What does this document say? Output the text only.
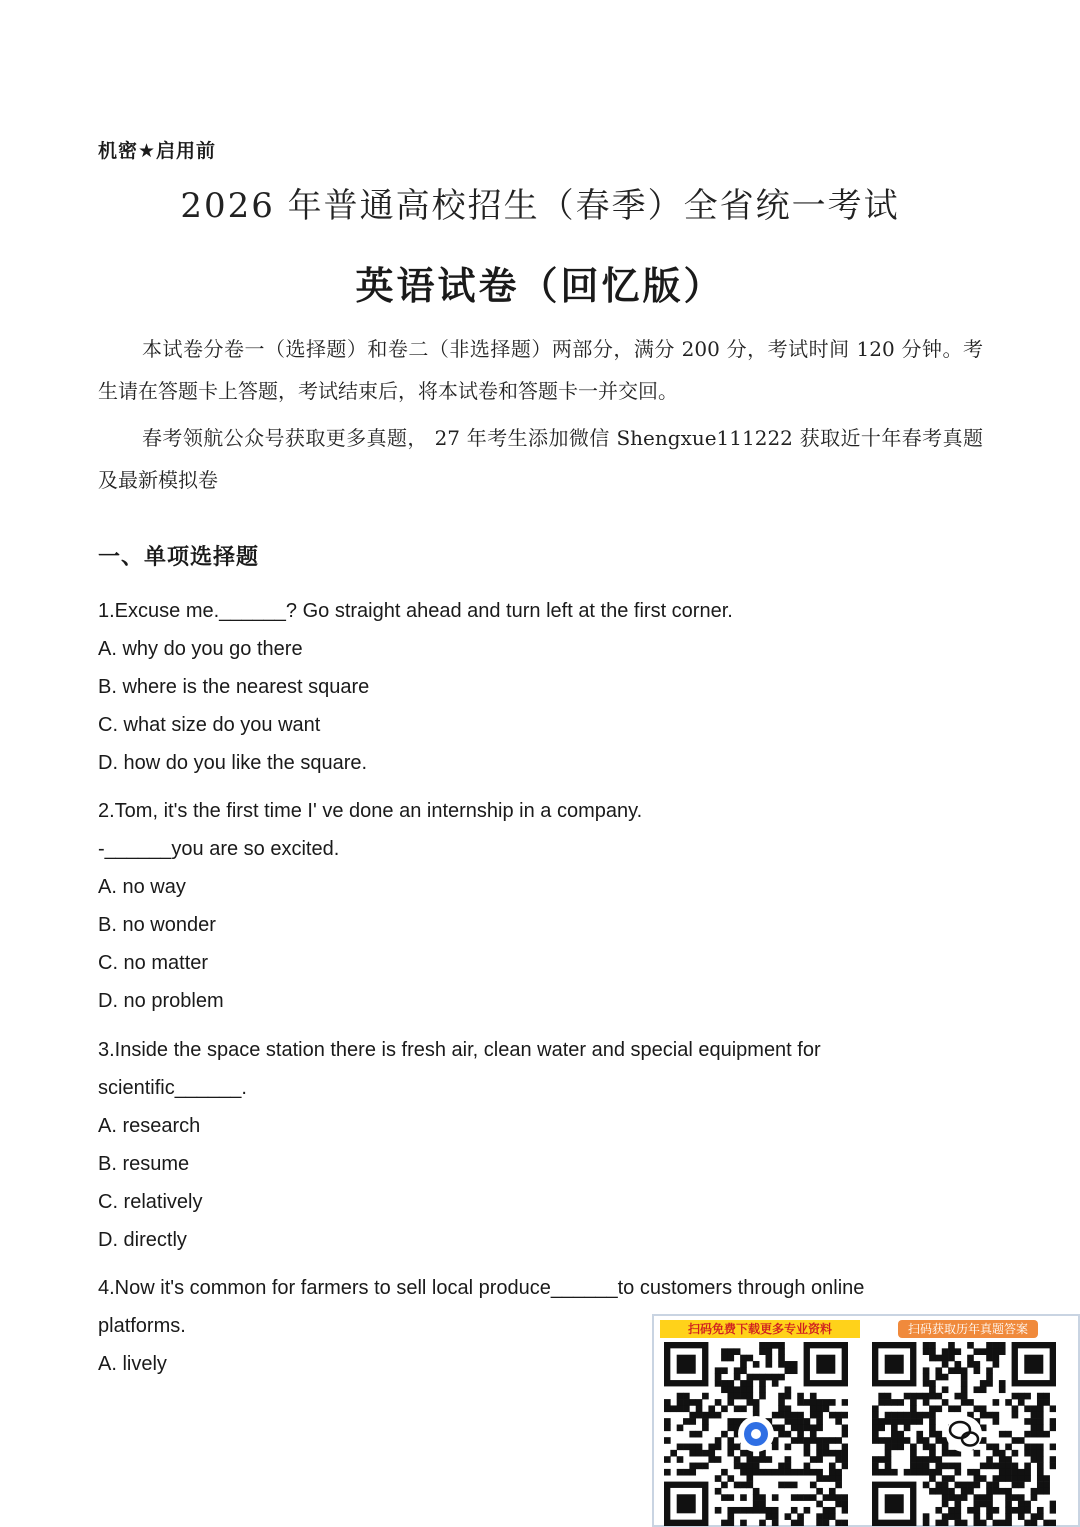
机密★启用前
2026 年普通高校招生（春季）全省统一考试
英语试卷（回忆版）

本试卷分卷一（选择题）和卷二（非选择题）两部分，满分 200 分，考试时间 120 分钟。考生请在答题卡上答题，考试结束后，将本试卷和答题卡一并交回。

春考领航公众号获取更多真题， 27 年考生添加微信 Shengxue111222 获取近十年春考真题及最新模拟卷

一、单项选择题
1.Excuse me.______? Go straight ahead and turn left at the first corner.
A. why do you go there
B. where is the nearest square
C. what size do you want
D. how do you like the square.
2.Tom, it's the first time I' ve done an internship in a company.
-______you are so excited.
A. no way
B. no wonder
C. no matter
D. no problem
3.Inside the space station there is fresh air, clean water and special equipment for
scientific______.
A. research
B. resume
C. relatively
D. directly
4.Now it's common for farmers to sell local produce______to customers through online
platforms.
A. lively
扫码免费下载更多专业资料	扫码获取历年真题答案
